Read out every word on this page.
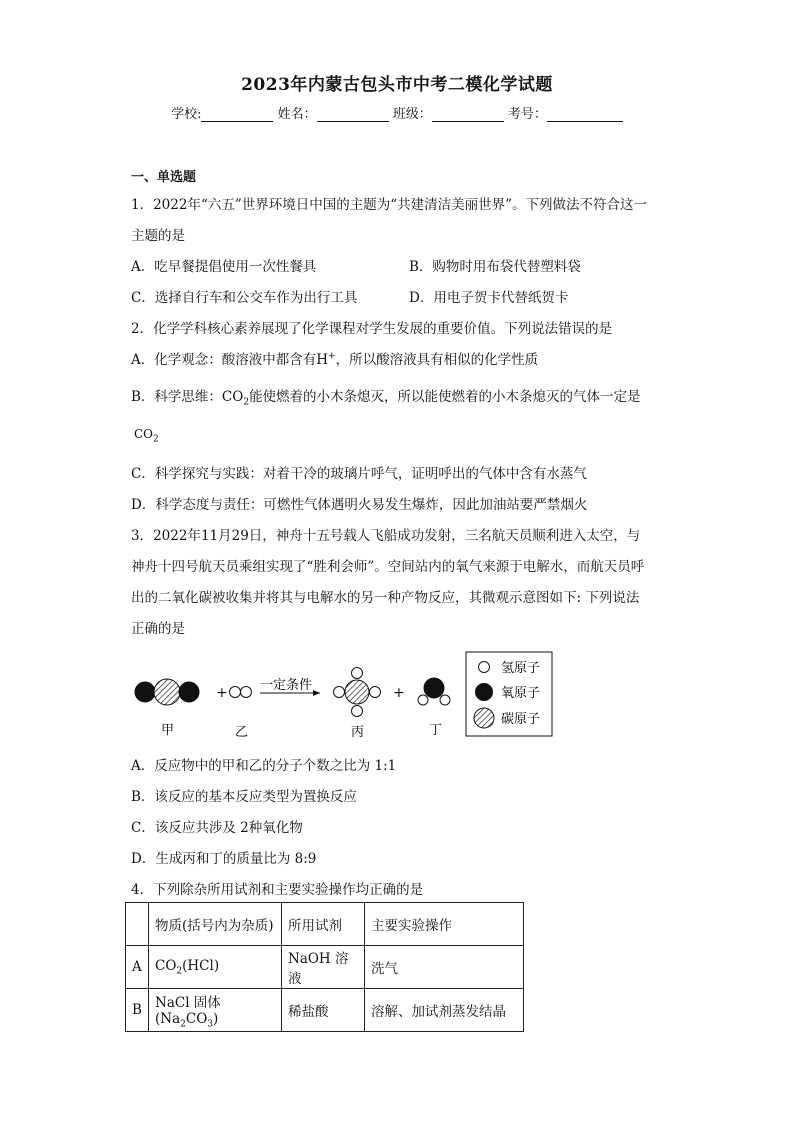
2023年内蒙古包头市中考二模化学试题
学校:	姓名：	班级：	考号：
一、单选题
1．2022年“六五”世界环境日中国的主题为“共建清洁美丽世界”。下列做法不符合这一
主题的是
A．吃早餐提倡使用一次性餐具	B．购物时用布袋代替塑料袋
C．选择自行车和公交车作为出行工具	D．用电子贺卡代替纸贺卡
2．化学学科核心素养展现了化学课程对学生发展的重要价值。下列说法错误的是
A．化学观念：酸溶液中都含有H+，所以酸溶液具有相似的化学性质
B．科学思维：$CO_2$能使燃着的小木条熄灭，所以能使燃着的小木条熄灭的气体一定是
$CO_2$
C．科学探究与实践：对着干冷的玻璃片呼气，证明呼出的气体中含有水蒸气
D．科学态度与责任：可燃性气体遇明火易发生爆炸，因此加油站要严禁烟火
3．2022年11月29日，神舟十五号载人飞船成功发射，三名航天员顺利进入太空，与
神舟十四号航天员乘组实现了“胜利会师”。空间站内的氧气来源于电解水，而航天员呼
出的二氧化碳被收集并将其与电解水的另一种产物反应，其微观示意图如下: 下列说法
正确的是
+ 一定条件	+
甲	乙	丙	丁
氢原子
氧原子
碳原子
A．反应物中的甲和乙的分子个数之比为 1:1
B．该反应的基本反应类型为置换反应
C．该反应共涉及 2种氧化物
D．生成丙和丁的质量比为 8:9
4．下列除杂所用试剂和主要实验操作均正确的是
	物质(括号内为杂质)	所用试剂	主要实验操作
A	$CO_2(HCl)$	NaOH 溶液	洗气
B	NaCl 固体$(Na_2CO_3)$	稀盐酸	溶解、加试剂蒸发结晶
